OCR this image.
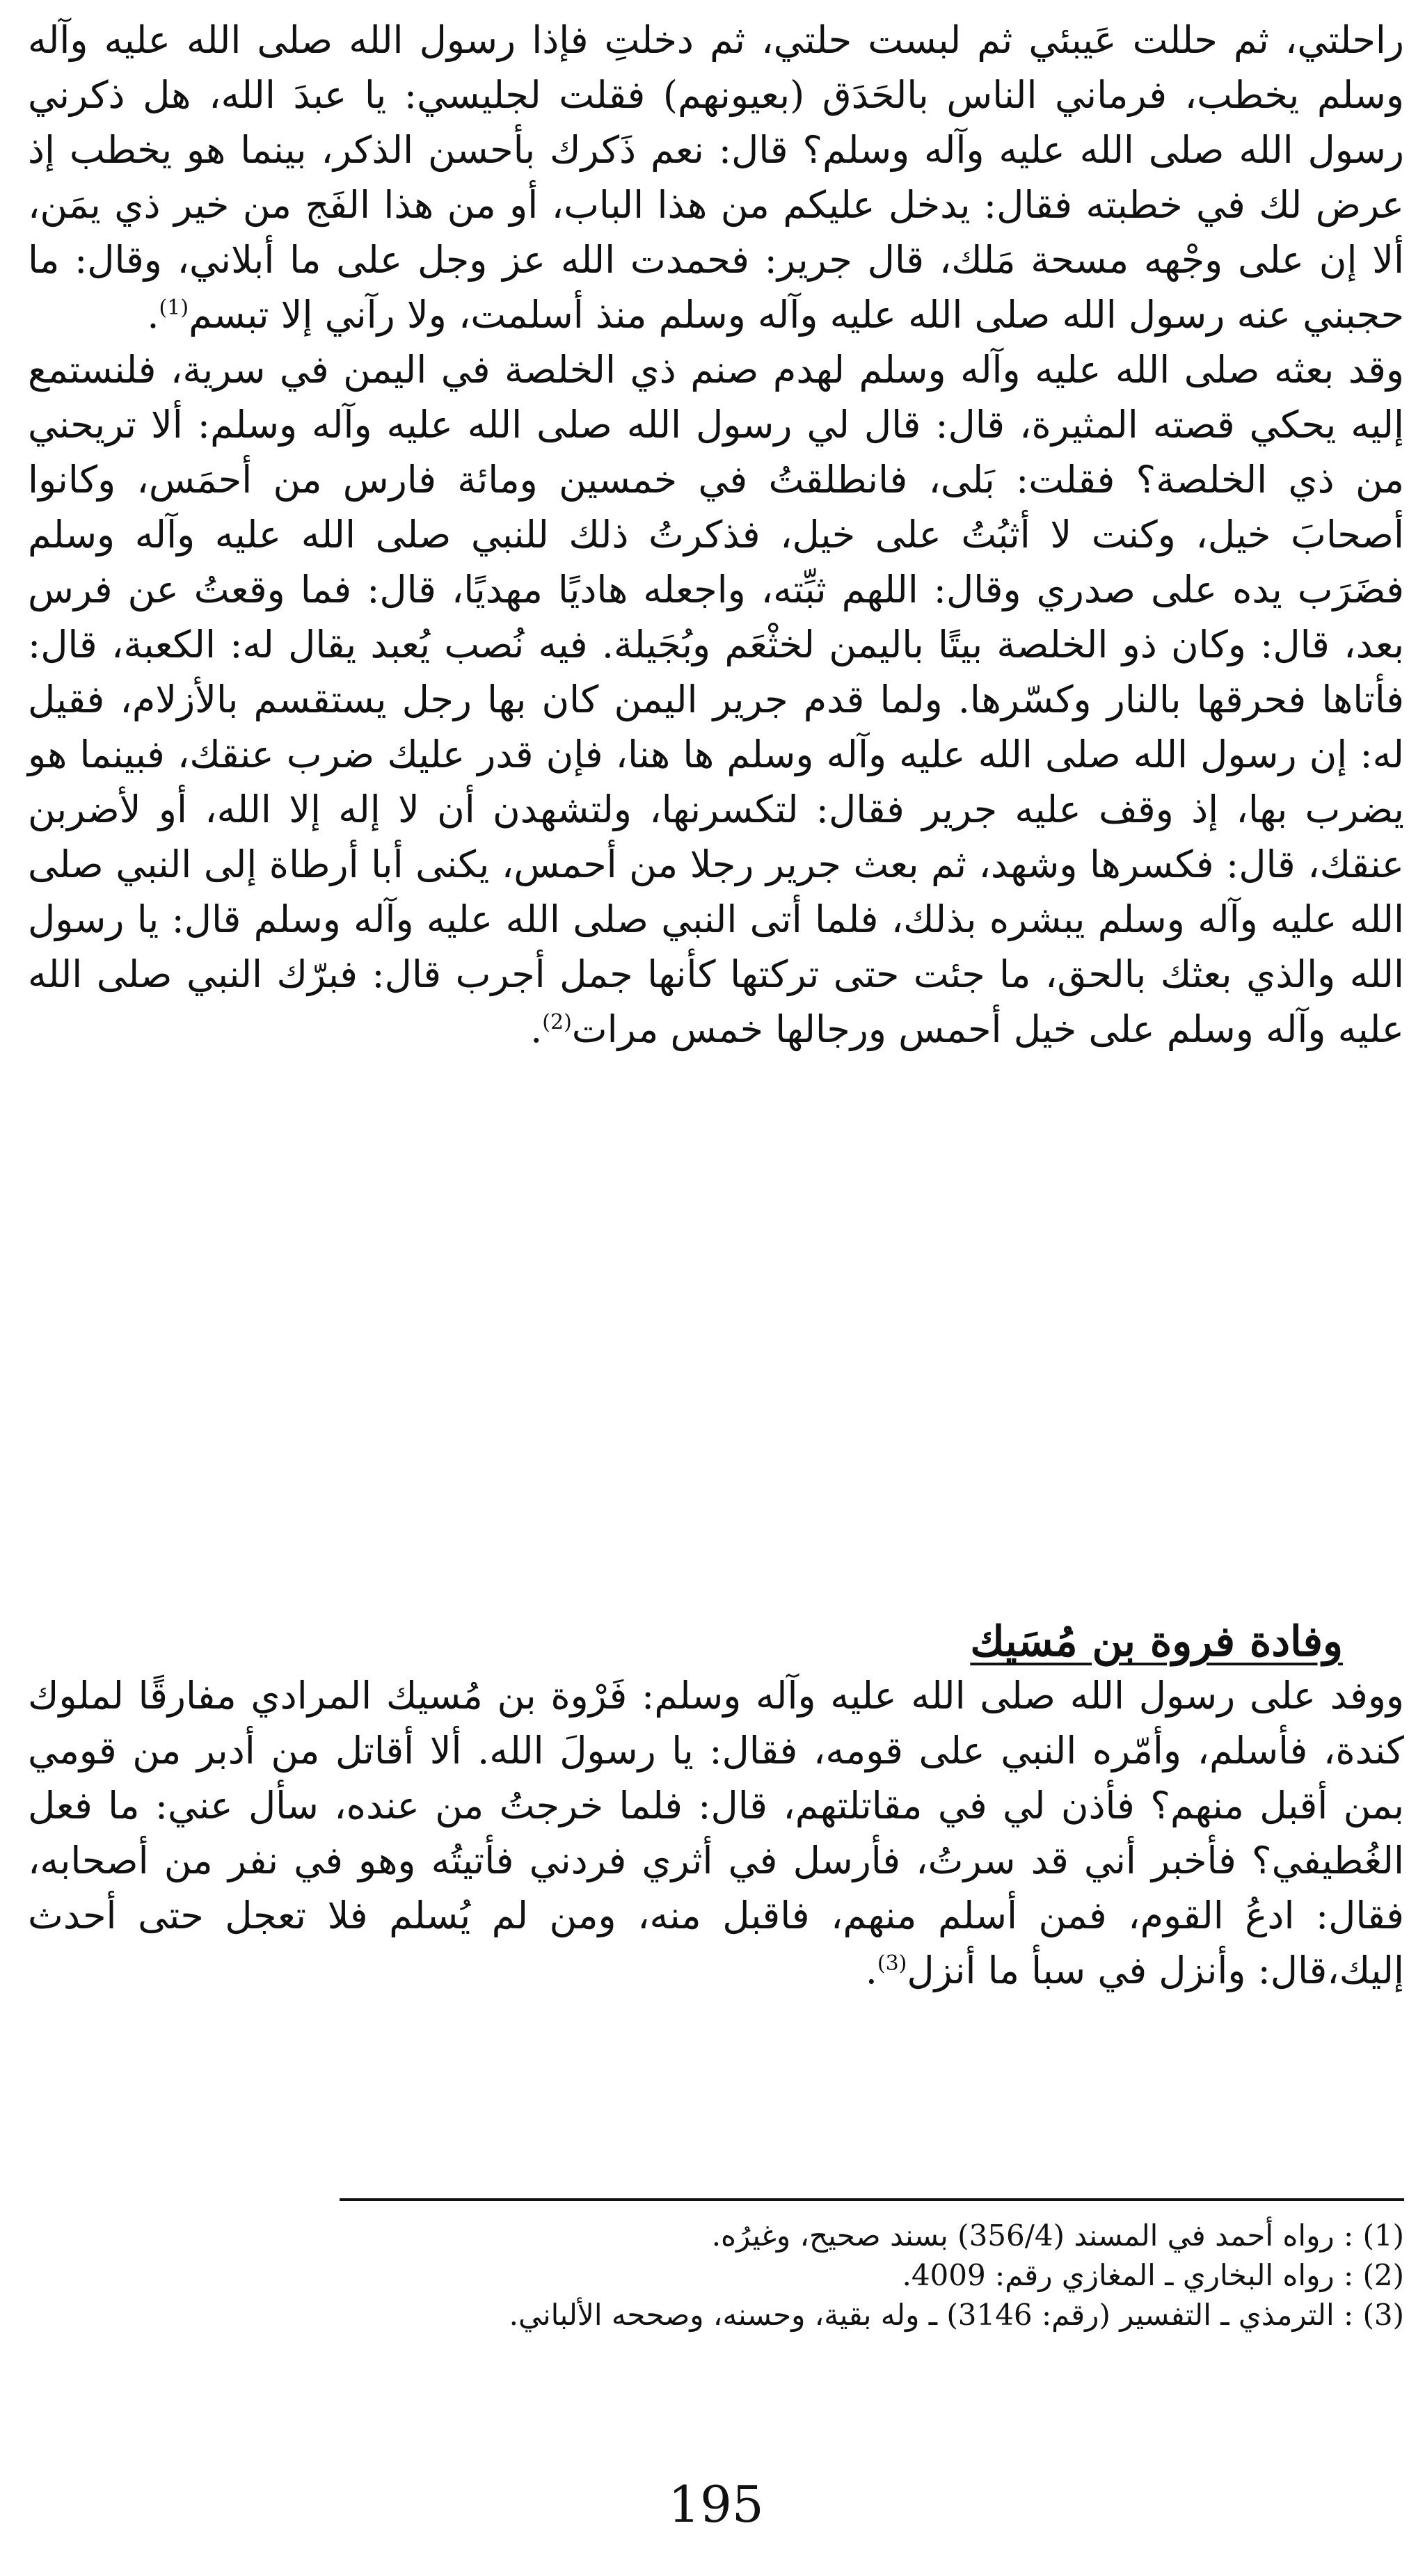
راحلتي، ثم حللت عَيبئي ثم لبست حلتي، ثم دخلتِ فإذا رسول الله صلى الله عليه وآله وسلم يخطب، فرماني الناس بالحَدَق (بعيونهم) فقلت لجليسي: يا عبدَ الله، هل ذكرني رسول الله صلى الله عليه وآله وسلم؟ قال: نعم ذَكرك بأحسن الذكر، بينما هو يخطب إذ عرض لك في خطبته فقال: يدخل عليكم من هذا الباب، أو من هذا الفَج من خير ذي يمَن، ألا إن على وجْهه مسحة مَلك، قال جرير: فحمدت الله عز وجل على ما أبلاني، وقال: ما حجبني عنه رسول الله صلى الله عليه وآله وسلم منذ أسلمت، ولا رآني إلا تبسم$^{(1)}$.

وقد بعثه صلى الله عليه وآله وسلم لهدم صنم ذي الخلصة في اليمن في سرية، فلنستمع إليه يحكي قصته المثيرة، قال: قال لي رسول الله صلى الله عليه وآله وسلم: ألا تريحني من ذي الخلصة؟ فقلت: بَلى، فانطلقتُ في خمسين ومائة فارس من أحمَس، وكانوا أصحابَ خيل، وكنت لا أثبُتُ على خيل، فذكرتُ ذلك للنبي صلى الله عليه وآله وسلم فضَرَب يده على صدري وقال: اللهم ثبِّته، واجعله هاديًا مهديًا، قال: فما وقعتُ عن فرس بعد، قال: وكان ذو الخلصة بيتًا باليمن لخثْعَم وبُجَيلة. فيه نُصب يُعبد يقال له: الكعبة، قال: فأتاها فحرقها بالنار وكسّرها. ولما قدم جرير اليمن كان بها رجل يستقسم بالأزلام، فقيل له: إن رسول الله صلى الله عليه وآله وسلم ها هنا، فإن قدر عليك ضرب عنقك، فبينما هو يضرب بها، إذ وقف عليه جرير فقال: لتكسرنها، ولتشهدن أن لا إله إلا الله، أو لأضربن عنقك، قال: فكسرها وشهد، ثم بعث جرير رجلا من أحمس، يكنى أبا أرطاة إلى النبي صلى الله عليه وآله وسلم يبشره بذلك، فلما أتى النبي صلى الله عليه وآله وسلم قال: يا رسول الله والذي بعثك بالحق، ما جئت حتى تركتها كأنها جمل أجرب قال: فبرّك النبي صلى الله عليه وآله وسلم على خيل أحمس ورجالها خمس مرات$^{(2)}$.

وفادة فروة بن مُسَيك

ووفد على رسول الله صلى الله عليه وآله وسلم: فَرْوة بن مُسيك المرادي مفارقًا لملوك كندة، فأسلم، وأمّره النبي على قومه، فقال: يا رسولَ الله. ألا أقاتل من أدبر من قومي بمن أقبل منهم؟ فأذن لي في مقاتلتهم، قال: فلما خرجتُ من عنده، سأل عني: ما فعل الغُطيفي؟ فأخبر أني قد سرتُ، فأرسل في أثري فردني فأتيتُه وهو في نفر من أصحابه، فقال: ادعُ القوم، فمن أسلم منهم، فاقبل منه، ومن لم يُسلم فلا تعجل حتى أحدث إليك،قال: وأنزل في سبأ ما أنزل$^{(3)}$.

(1) : رواه أحمد في المسند (356/4) بسند صحيح، وغيرُه.
(2) : رواه البخاري ـ المغازي رقم: 4009.
(3) : الترمذي ـ التفسير (رقم: 3146) ـ وله بقية، وحسنه، وصححه الألباني.
195
